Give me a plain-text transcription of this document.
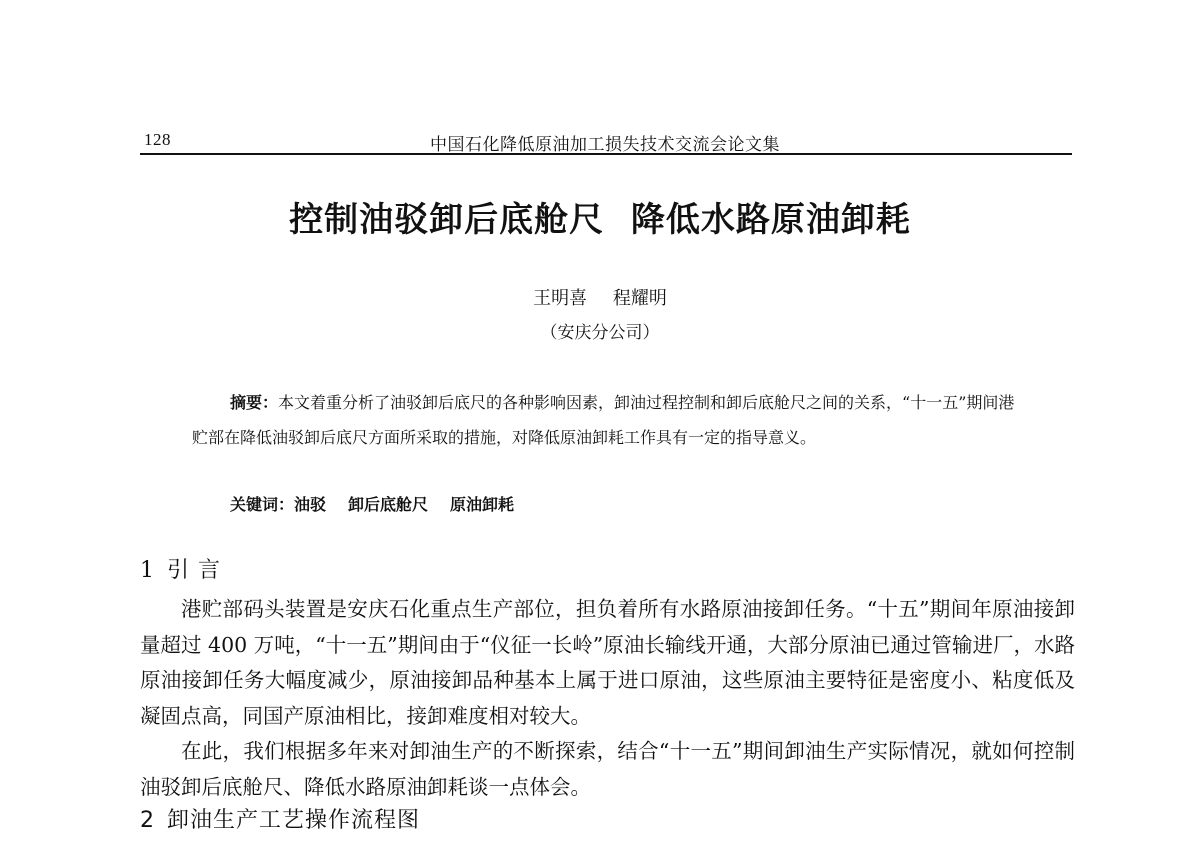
128	中国石化降低原油加工损失技术交流会论文集
控制油驳卸后底舱尺 降低水路原油卸耗
王明喜 程耀明
（安庆分公司）

摘要：本文着重分析了油驳卸后底尺的各种影响因素，卸油过程控制和卸后底舱尺之间的关系，“十一五”期间港贮部在降低油驳卸后底尺方面所采取的措施，对降低原油卸耗工作具有一定的指导意义。

关键词：油驳 卸后底舱尺 原油卸耗
1 引 言

港贮部码头装置是安庆石化重点生产部位，担负着所有水路原油接卸任务。“十五”期间年原油接卸量超过 400 万吨，“十一五”期间由于“仪征一长岭”原油长输线开通，大部分原油已通过管输进厂，水路原油接卸任务大幅度减少，原油接卸品种基本上属于进口原油，这些原油主要特征是密度小、粘度低及凝固点高，同国产原油相比，接卸难度相对较大。

在此，我们根据多年来对卸油生产的不断探索，结合“十一五”期间卸油生产实际情况，就如何控制油驳卸后底舱尺、降低水路原油卸耗谈一点体会。

2 卸油生产工艺操作流程图
